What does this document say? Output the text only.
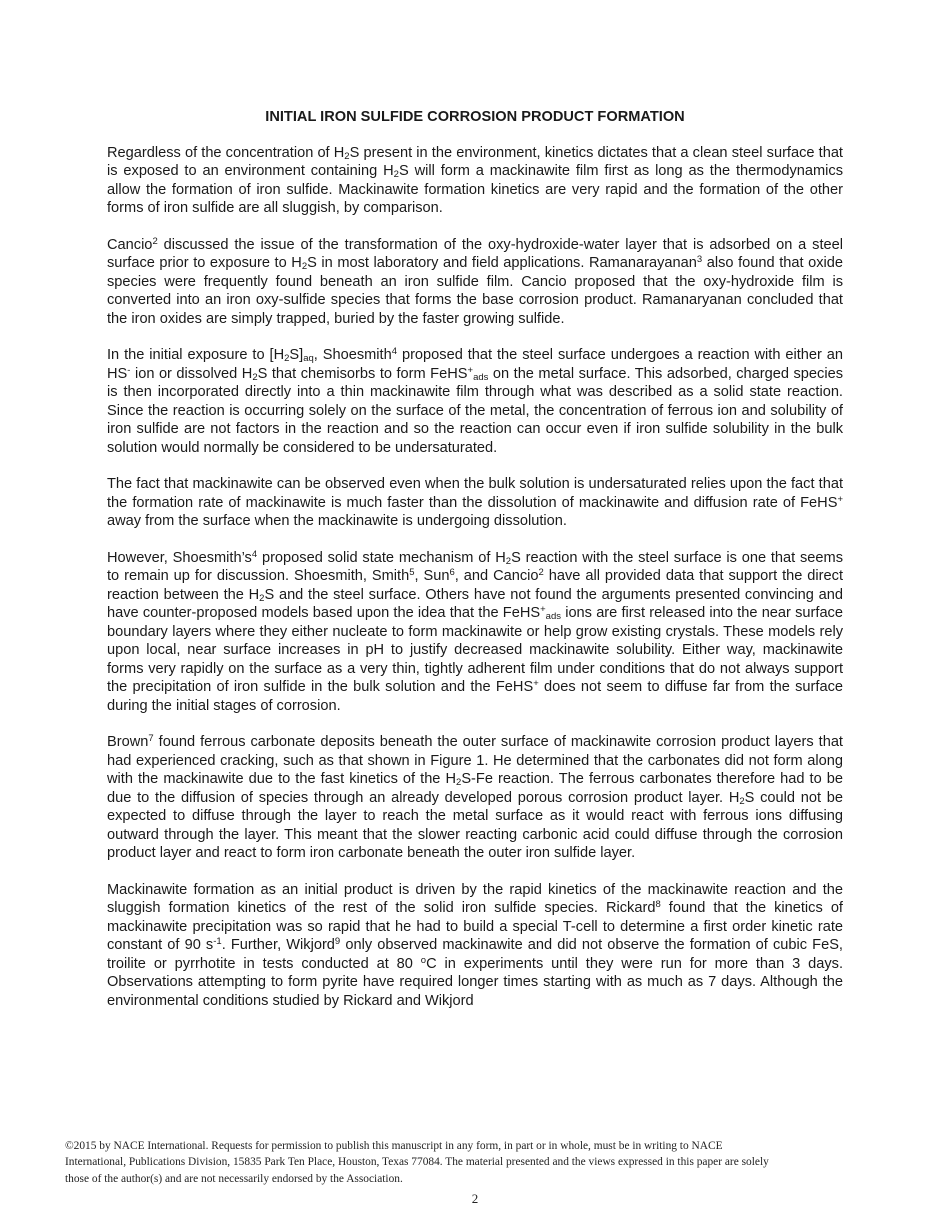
INITIAL IRON SULFIDE CORROSION PRODUCT FORMATION

Regardless of the concentration of $H_2S$ present in the environment, kinetics dictates that a clean steel surface that is exposed to an environment containing $H_2S$ will form a mackinawite film first as long as the thermodynamics allow the formation of iron sulfide. Mackinawite formation kinetics are very rapid and the formation of the other forms of iron sulfide are all sluggish, by comparison.

Cancio$^2$ discussed the issue of the transformation of the oxy-hydroxide-water layer that is adsorbed on a steel surface prior to exposure to $H_2S$ in most laboratory and field applications. Ramanarayanan$^3$ also found that oxide species were frequently found beneath an iron sulfide film. Cancio proposed that the oxy-hydroxide film is converted into an iron oxy-sulfide species that forms the base corrosion product. Ramanaryanan concluded that the iron oxides are simply trapped, buried by the faster growing sulfide.

In the initial exposure to $[H_2S]_{aq}$, Shoesmith$^4$ proposed that the steel surface undergoes a reaction with either an HS- ion or dissolved $H_2S$ that chemisorbs to form FeHS+$_{ads}$ on the metal surface. This adsorbed, charged species is then incorporated directly into a thin mackinawite film through what was described as a solid state reaction. Since the reaction is occurring solely on the surface of the metal, the concentration of ferrous ion and solubility of iron sulfide are not factors in the reaction and so the reaction can occur even if iron sulfide solubility in the bulk solution would normally be considered to be undersaturated.

The fact that mackinawite can be observed even when the bulk solution is undersaturated relies upon the fact that the formation rate of mackinawite is much faster than the dissolution of mackinawite and diffusion rate of FeHS+ away from the surface when the mackinawite is undergoing dissolution.

However, $Shoesmith’s^4$ proposed solid state mechanism of $H_2S$ reaction with the steel surface is one that seems to remain up for discussion. Shoesmith, Smith$^5$, Sun$^6$, and Cancio$^2$ have all provided data that support the direct reaction between the $H_2S$ and the steel surface. Others have not found the arguments presented convincing and have counter-proposed models based upon the idea that the FeHS+$_{ads}$ ions are first released into the near surface boundary layers where they either nucleate to form mackinawite or help grow existing crystals. These models rely upon local, near surface increases in pH to justify decreased mackinawite solubility. Either way, mackinawite forms very rapidly on the surface as a very thin, tightly adherent film under conditions that do not always support the precipitation of iron sulfide in the bulk solution and the FeHS+ does not seem to diffuse far from the surface during the initial stages of corrosion.

Brown$^7$ found ferrous carbonate deposits beneath the outer surface of mackinawite corrosion product layers that had experienced cracking, such as that shown in Figure 1. He determined that the carbonates did not form along with the mackinawite due to the fast kinetics of the $H_2S-Fe$ reaction. The ferrous carbonates therefore had to be due to the diffusion of species through an already developed porous corrosion product layer. $H_2S$ could not be expected to diffuse through the layer to reach the metal surface as it would react with ferrous ions diffusing outward through the layer. This meant that the slower reacting carbonic acid could diffuse through the corrosion product layer and react to form iron carbonate beneath the outer iron sulfide layer.

Mackinawite formation as an initial product is driven by the rapid kinetics of the mackinawite reaction and the sluggish formation kinetics of the rest of the solid iron sulfide species. Rickard$^8$ found that the kinetics of mackinawite precipitation was so rapid that he had to build a special T-cell to determine a first order kinetic rate constant of 90 $s^{-1}$. Further, Wikjord$^9$ only observed mackinawite and did not observe the formation of cubic FeS, troilite or pyrrhotite in tests conducted at 80 $^o$C in experiments until they were run for more than 3 days. Observations attempting to form pyrite have required longer times starting with as much as 7 days. Although the environmental conditions studied by Rickard and Wikjord

©2015 by NACE International. Requests for permission to publish this manuscript in any form, in part or in whole, must be in writing to NACE International, Publications Division, 15835 Park Ten Place, Houston, Texas 77084. The material presented and the views expressed in this paper are solely those of the author(s) and are not necessarily endorsed by the Association.
2
